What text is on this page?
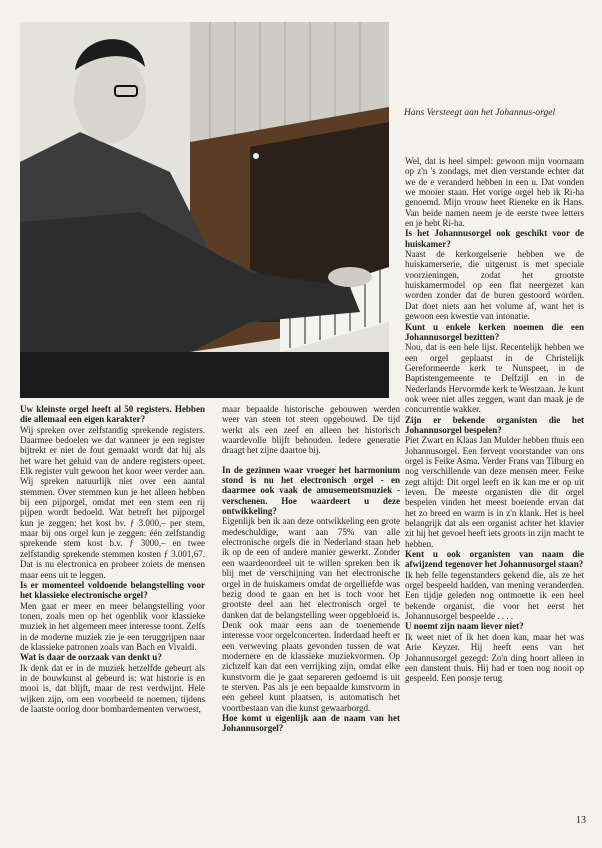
Hans Versteegt aan het Johannus-orgel

Uw kleinste orgel heeft al 50 registers. Hebben die allemaal een eigen karakter?

Wij spreken over zelfstandig sprekende registers. Daarmee bedoelen we dat wanneer je een register bijtrekt er niet de fout gemaakt wordt dat hij als het ware het geluid van de andere registers opeet. Elk register vult gewoon het koor weer verder aan. Wij spreken natuurlijk niet over een aantal stemmen. Over stemmen kun je het alleen hebben bij een pijporgel, omdat met een stem een rij pijpen wordt bedoeld. Wat betreft het pijporgel kun je zeggen: het kost bv. ƒ 3.000,– per stem, maar bij ons orgel kun je zeggen: één zelfstandig sprekende stem kost b.v. ƒ 3000,– en twee zelfstandig sprekende stemmen kosten ƒ 3.001,67. Dat is nu electronica en probeer zoiets de mensen maar eens uit te leggen.

Is er momenteel voldoende belangstelling voor het klassieke electronische orgel?

Men gaat er meer en meer belangstelling voor tonen, zoals men op het ogenblik voor klassieke muziek in het algemeen meer interesse toont. Zelfs in de moderne muziek zie je een teruggrijpen naar de klassieke patronen zoals van Bach en Vivaldi.

Wat is daar de oorzaak van denkt u?

Ik denk dat er in de muziek hetzelfde gebeurt als in de bouwkunst al gebeurd is: wat historie is en mooi is, dat blijft, maar de rest verdwijnt. Hele wijken zijn, om een voorbeeld te noemen, tijdens de laatste oorlog door bombardementen verwoest,

maar bepaalde historische gebouwen werden weer van steen tot steen opgebouwd. De tijd werkt als een zeef en alleen het historisch waardevolle blijft behouden. Iedere generatie draagt het zijne daartoe bij.

In de gezinnen waar vroeger het harmonium stond is nu het electronisch orgel - en daarmee ook vaak de amusementsmuziek - verschenen. Hoe waardeert u deze ontwikkeling?

Eigenlijk ben ik aan deze ontwikkeling een grote medeschuldige, want aan 75% van alle electronische orgels die in Nederland staan heb ik op de een of andere manier gewerkt. Zonder een waardeoordeel uit te willen spreken ben ik blij met de verschijning van het electronische orgel in de huiskamers omdat de orgelliefde was bezig dood te gaan en het is toch voor het grootste deel aan het electronisch orgel te danken dat de belangstelling weer opgebloeid is. Denk ook maar eens aan de toenemende interesse voor orgelconcerten. Inderdaad heeft er een verweving plaats gevonden tussen de wat modernere en de klassieke muziekvormen. Op zichzelf kan dat een verrijking zijn, omdat elke kunstvorm die je gaat separeren gedoemd is uit te sterven. Pas als je een bepaalde kunstvorm in een geheel kunt plaatsen, is automatisch het voortbestaan van die kunst gewaarborgd.

Hoe komt u eigenlijk aan de naam van het Johannusorgel?

Wel, dat is heel simpel: gewoon mijn voornaam op z'n 's zondags, met dien verstande echter dat we de e veranderd hebben in een u. Dat vonden we mooier staan. Het vorige orgel heb ik Ri-ha genoemd. Mijn vrouw heet Rieneke en ik Hans. Van beide namen neem je de eerste twee letters en je hebt Ri-ha.

Is het Johannusorgel ook geschikt voor de huiskamer?

Naast de kerkorgelserie hebben we de huiskamerserie, die uitgerust is met speciale voorzieningen, zodat het grootste huiskamermodel op een flat neergezet kan worden zonder dat de buren gestoord worden. Dat doet niets aan het volume af, want het is gewoon een kwestie van intonatie.

Kunt u enkele kerken noemen die een Johannusorgel bezitten?

Nou, dat is een hele lijst. Recentelijk hebben we een orgel geplaatst in de Christelijk Gereformeerde kerk te Nunspeet, in de Baptistengemeente te Delfzijl en in de Nederlands Hervormde kerk te Westzaan. Je kunt ook weer niet alles zeggen, want dan maak je de concurrentie wakker.

Zijn er bekende organisten die het Johannusorgel bespelen?

Piet Zwart en Klaas Jan Mulder hebben thuis een Johannusorgel. Een fervent voorstander van ons orgel is Feike Asma. Verder Frans van Tilburg en nog verschillende van deze mensen meer. Feike zegt altijd: Dit orgel leeft en ik kan me er op uit leven. De meeste organisten die dit orgel bespelen vinden het meest boeiende ervan dat het zo breed en warm is in z'n klank. Het is heel belangrijk dat als een organist achter het klavier zit hij het gevoel heeft iets groots in zijn macht te hebben.

Kent u ook organisten van naam die afwijzend tegenover het Johannusorgel staan?

Ik heb felle tegenstanders gekend die, als ze het orgel bespeeld hadden, van mening veranderden. Een tijdje geleden nog ontmoette ik een heel bekende organist, die voor het eerst het Johannusorgel bespeelde . . . .

U noemt zijn naam liever niet?

Ik weet niet of ik het doen kan, maar het was Arie Keyzer. Hij heeft eens van het Johannusorgel gezegd: Zo'n ding hoort alleen in een danstent thuis. Hij had er toen nog nooit op gespeeld. Een poosje terug

13
